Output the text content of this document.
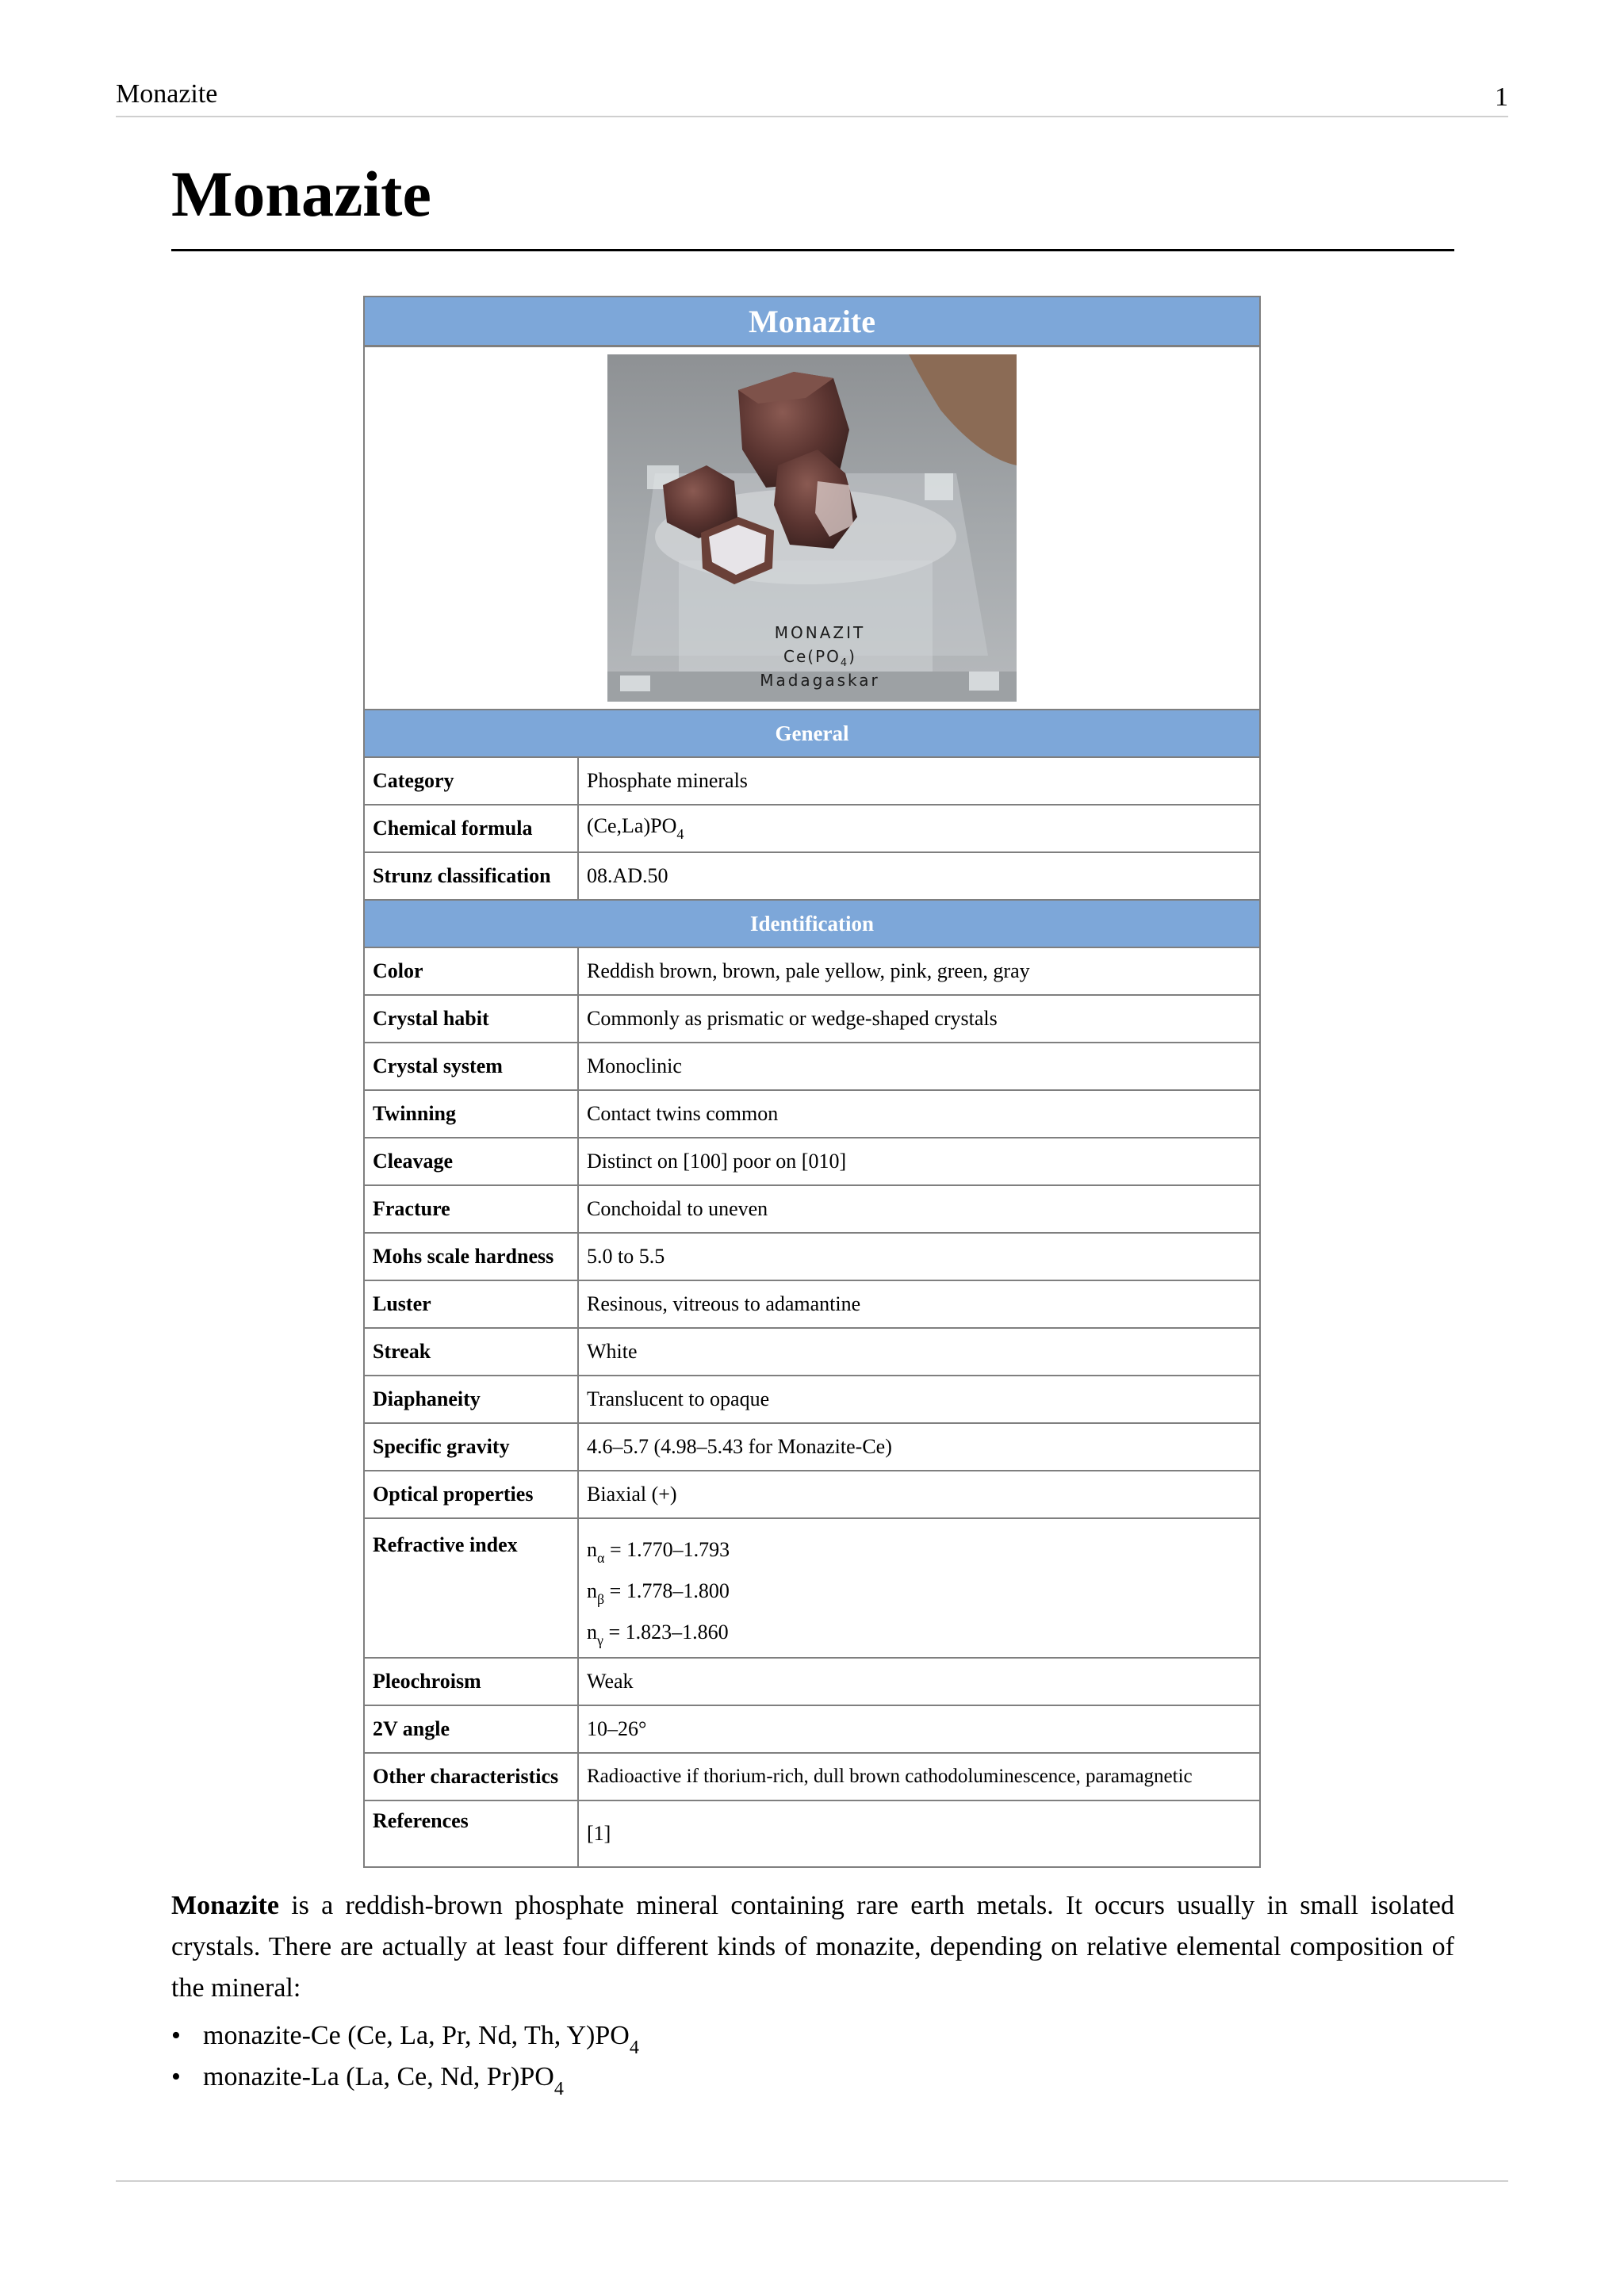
Monazite	1
Monazite
Monazite
MONAZIT
$Ce(PO_4)$
Madagaskar	

General	
Category	Phosphate minerals
Chemical formula	$(Ce,La)PO_4$
Strunz classification	08.AD.50
Identification	
Color	Reddish brown, brown, pale yellow, pink, green, gray
Crystal habit	Commonly as prismatic or wedge-shaped crystals
Crystal system	Monoclinic
Twinning	Contact twins common
Cleavage	Distinct on [100] poor on [010]
Fracture	Conchoidal to uneven
Mohs scale hardness	5.0 to 5.5
Luster	Resinous, vitreous to adamantine
Streak	White
Diaphaneity	Translucent to opaque
Specific gravity	4.6–5.7 (4.98–5.43 for Monazite-Ce)
Optical properties	Biaxial (+)
Refractive index	$n_\alpha = 1.770-1.793$
$n_\beta = 1.778-1.800$
$n_\gamma = 1.823-1.860$

Pleochroism	Weak
2V angle	10–26°
Other characteristics	Radioactive if thorium-rich, dull brown cathodoluminescence, paramagnetic
References	[1]

Monazite is a reddish-brown phosphate mineral containing rare earth metals. It occurs usually in small isolated crystals. There are actually at least four different kinds of monazite, depending on relative elemental composition of the mineral:

• monazite-Ce (Ce, La, Pr, Nd, Th, $Y)PO_4$
• monazite-La (La, Ce, Nd, $Pr)PO_4$
